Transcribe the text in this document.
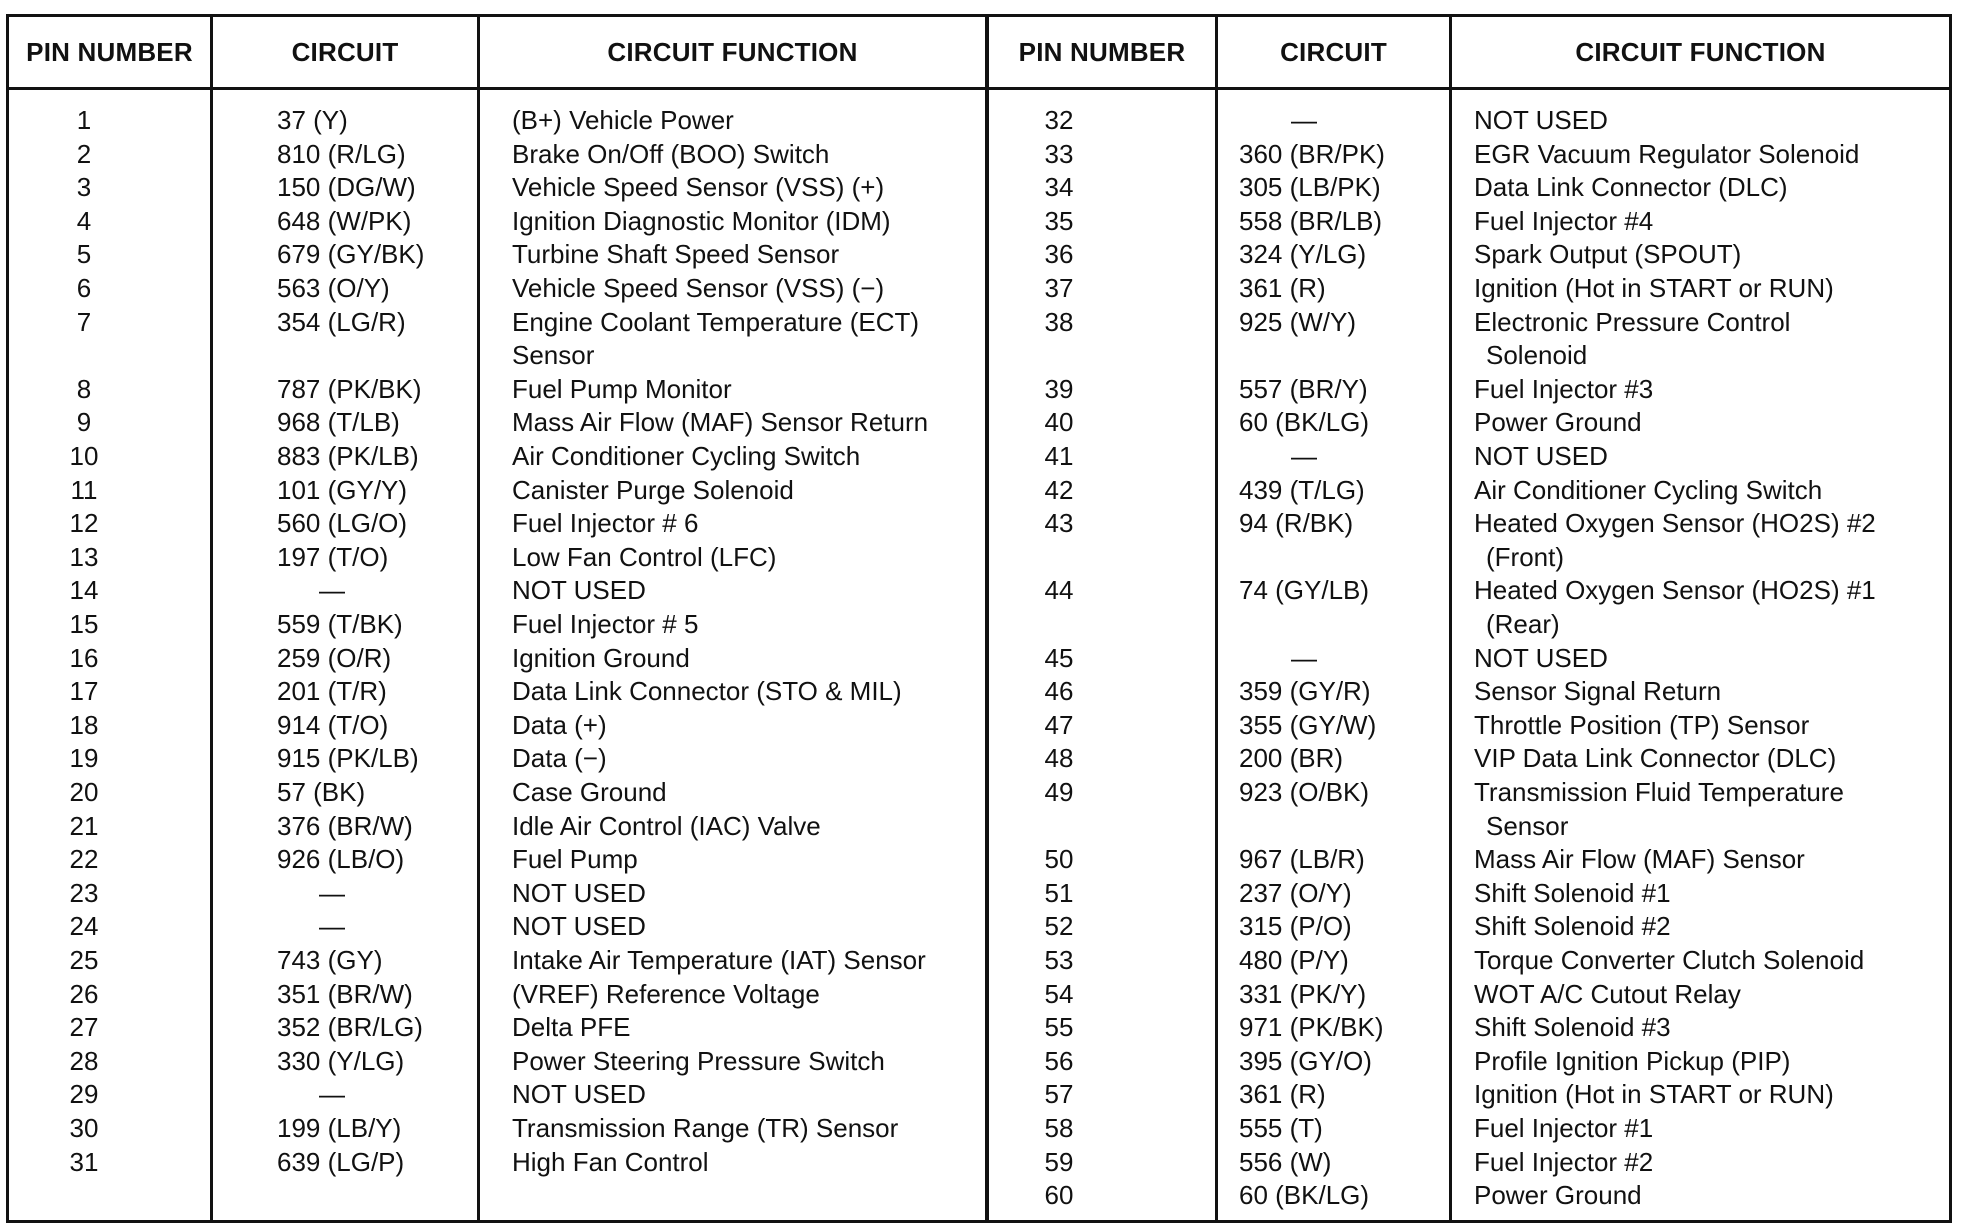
PIN NUMBER	CIRCUIT	CIRCUIT FUNCTION	PIN NUMBER	CIRCUIT	CIRCUIT FUNCTION
1	37 (Y)	(B+) Vehicle Power
2	810 (R/LG)	Brake On/Off (BOO) Switch
3	150 (DG/W)	Vehicle Speed Sensor (VSS) (+)
4	648 (W/PK)	Ignition Diagnostic Monitor (IDM)
5	679 (GY/BK)	Turbine Shaft Speed Sensor
6	563 (O/Y)	Vehicle Speed Sensor (VSS) (−)
7	354 (LG/R)	Engine Coolant Temperature (ECT)
Sensor
8	787 (PK/BK)	Fuel Pump Monitor
9	968 (T/LB)	Mass Air Flow (MAF) Sensor Return
10	883 (PK/LB)	Air Conditioner Cycling Switch
11	101 (GY/Y)	Canister Purge Solenoid
12	560 (LG/O)	Fuel Injector # 6
13	197 (T/O)	Low Fan Control (LFC)
14	—	NOT USED
15	559 (T/BK)	Fuel Injector # 5
16	259 (O/R)	Ignition Ground
17	201 (T/R)	Data Link Connector (STO & MIL)
18	914 (T/O)	Data (+)
19	915 (PK/LB)	Data (−)
20	57 (BK)	Case Ground
21	376 (BR/W)	Idle Air Control (IAC) Valve
22	926 (LB/O)	Fuel Pump
23	—	NOT USED
24	—	NOT USED
25	743 (GY)	Intake Air Temperature (IAT) Sensor
26	351 (BR/W)	(VREF) Reference Voltage
27	352 (BR/LG)	Delta PFE
28	330 (Y/LG)	Power Steering Pressure Switch
29	—	NOT USED
30	199 (LB/Y)	Transmission Range (TR) Sensor
31	639 (LG/P)	High Fan Control
32	—	NOT USED
33	360 (BR/PK)	EGR Vacuum Regulator Solenoid
34	305 (LB/PK)	Data Link Connector (DLC)
35	558 (BR/LB)	Fuel Injector #4
36	324 (Y/LG)	Spark Output (SPOUT)
37	361 (R)	Ignition (Hot in START or RUN)
38	925 (W/Y)	Electronic Pressure Control
Solenoid
39	557 (BR/Y)	Fuel Injector #3
40	60 (BK/LG)	Power Ground
41	—	NOT USED
42	439 (T/LG)	Air Conditioner Cycling Switch
43	94 (R/BK)	Heated Oxygen Sensor (HO2S) #2
(Front)
44	74 (GY/LB)	Heated Oxygen Sensor (HO2S) #1
(Rear)
45	—	NOT USED
46	359 (GY/R)	Sensor Signal Return
47	355 (GY/W)	Throttle Position (TP) Sensor
48	200 (BR)	VIP Data Link Connector (DLC)
49	923 (O/BK)	Transmission Fluid Temperature
Sensor
50	967 (LB/R)	Mass Air Flow (MAF) Sensor
51	237 (O/Y)	Shift Solenoid #1
52	315 (P/O)	Shift Solenoid #2
53	480 (P/Y)	Torque Converter Clutch Solenoid
54	331 (PK/Y)	WOT A/C Cutout Relay
55	971 (PK/BK)	Shift Solenoid #3
56	395 (GY/O)	Profile Ignition Pickup (PIP)
57	361 (R)	Ignition (Hot in START or RUN)
58	555 (T)	Fuel Injector #1
59	556 (W)	Fuel Injector #2
60	60 (BK/LG)	Power Ground
